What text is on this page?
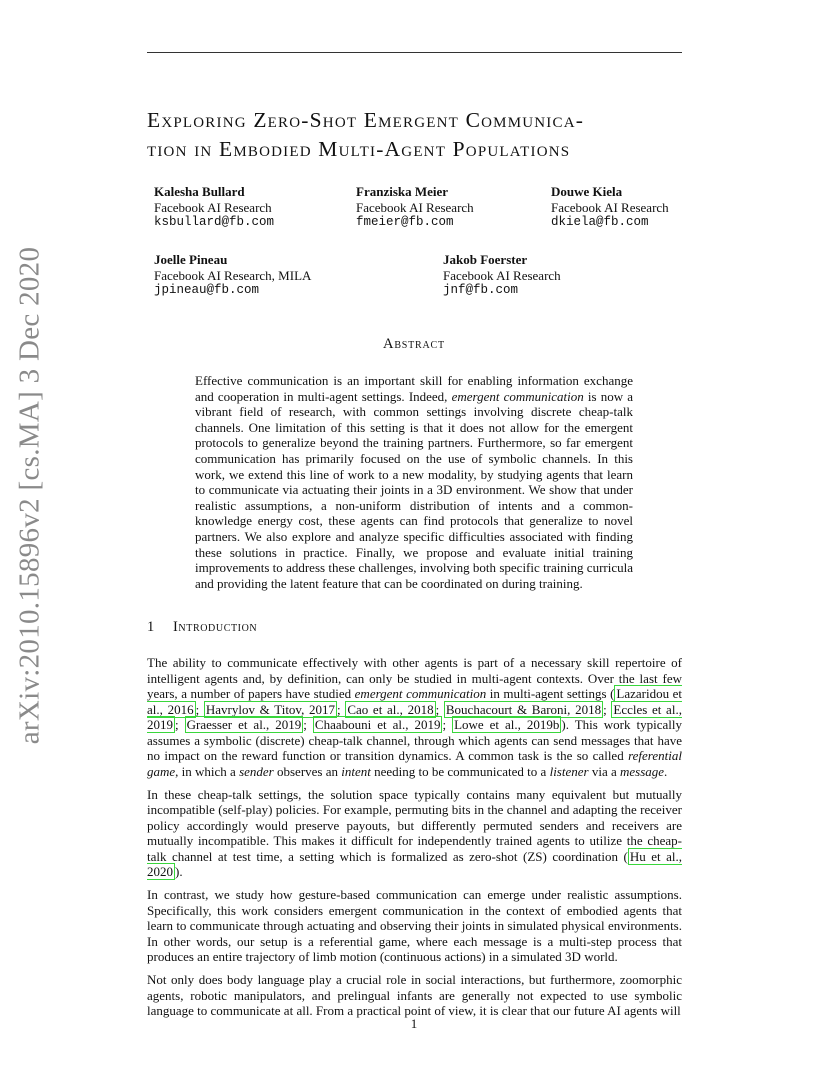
arXiv:2010.15896v2 [cs.MA] 3 Dec 2020
Exploring Zero-Shot Emergent Communica-
tion in Embodied Multi-Agent Populations
Kalesha Bullard
Facebook AI Research
ksbullard@fb.com
Franziska Meier
Facebook AI Research
fmeier@fb.com
Douwe Kiela
Facebook AI Research
dkiela@fb.com
Joelle Pineau
Facebook AI Research, MILA
jpineau@fb.com
Jakob Foerster
Facebook AI Research
jnf@fb.com
Abstract
Effective communication is an important skill for enabling information exchange and cooperation in multi-agent settings. Indeed, emergent communication is now a vibrant field of research, with common settings involving discrete cheap-talk channels. One limitation of this setting is that it does not allow for the emergent protocols to generalize beyond the training partners. Furthermore, so far emergent communication has primarily focused on the use of symbolic channels. In this work, we extend this line of work to a new modality, by studying agents that learn to communicate via actuating their joints in a 3D environment. We show that under realistic assumptions, a non-uniform distribution of intents and a common-knowledge energy cost, these agents can find protocols that generalize to novel partners. We also explore and analyze specific difficulties associated with finding these solutions in practice. Finally, we propose and evaluate initial training improvements to address these challenges, involving both specific training curricula and providing the latent feature that can be coordinated on during training.
1 Introduction

The ability to communicate effectively with other agents is part of a necessary skill repertoire of intelligent agents and, by definition, can only be studied in multi-agent contexts. Over the last few years, a number of papers have studied emergent communication in multi-agent settings ( Lazaridou et al., 2016 ; Havrylov & Titov, 2017 ; Cao et al., 2018 ; Bouchacourt & Baroni, 2018 ; Eccles et al., 2019 ; Graesser et al., 2019 ; Chaabouni et al., 2019 ; Lowe et al., 2019b ). This work typically assumes a symbolic (discrete) cheap-talk channel, through which agents can send messages that have no impact on the reward function or transition dynamics. A common task is the so called referential game, in which a sender observes an intent needing to be communicated to a listener via a message.

In these cheap-talk settings, the solution space typically contains many equivalent but mutually incompatible (self-play) policies. For example, permuting bits in the channel and adapting the receiver policy accordingly would preserve payouts, but differently permuted senders and receivers are mutually incompatible. This makes it difficult for independently trained agents to utilize the cheap-talk channel at test time, a setting which is formalized as zero-shot (ZS) coordination ( Hu et al., 2020 ).

In contrast, we study how gesture-based communication can emerge under realistic assumptions. Specifically, this work considers emergent communication in the context of embodied agents that learn to communicate through actuating and observing their joints in simulated physical environments. In other words, our setup is a referential game, where each message is a multi-step process that produces an entire trajectory of limb motion (continuous actions) in a simulated 3D world.

Not only does body language play a crucial role in social interactions, but furthermore, zoomorphic agents, robotic manipulators, and prelingual infants are generally not expected to use symbolic language to communicate at all. From a practical point of view, it is clear that our future AI agents will

1
